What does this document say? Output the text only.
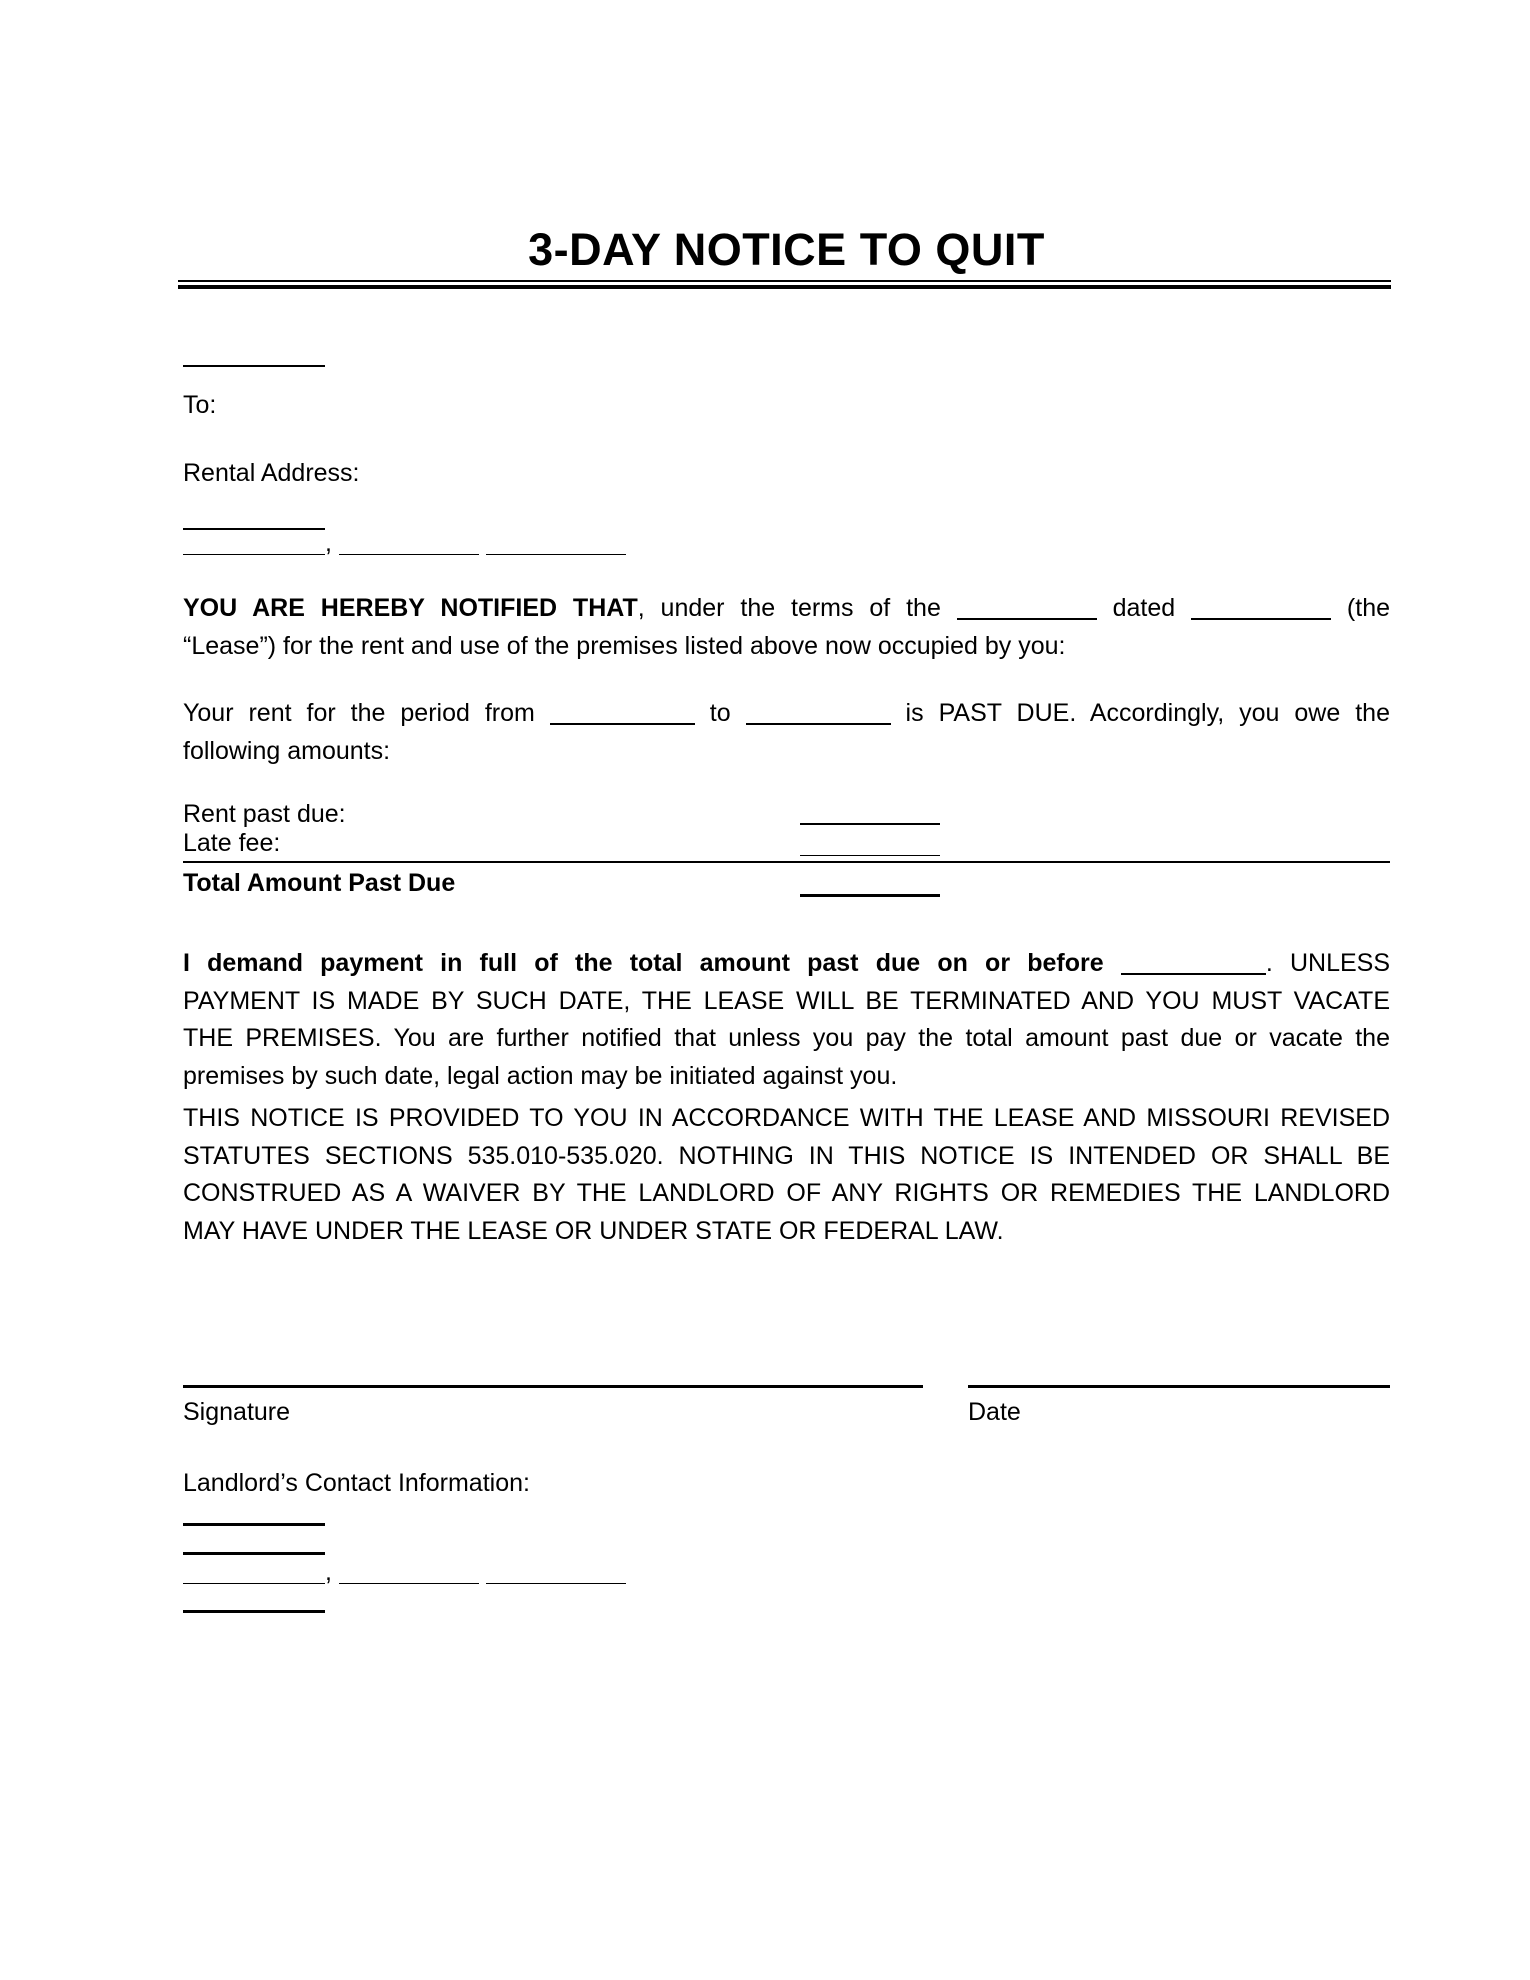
3-DAY NOTICE TO QUIT
To:
Rental Address:
,
YOU ARE HEREBY NOTIFIED THAT, under the terms of the	dated	(the
“Lease”) for the rent and use of the premises listed above now occupied by you:
Your rent for the period from	to	is PAST DUE. Accordingly, you owe the
following amounts:
Rent past due:
Late fee:
Total Amount Past Due
I demand payment in full of the total amount past due on or before	. UNLESS
PAYMENT IS MADE BY SUCH DATE, THE LEASE WILL BE TERMINATED AND YOU MUST VACATE
THE PREMISES. You are further notified that unless you pay the total amount past due or vacate the
premises by such date, legal action may be initiated against you.
THIS NOTICE IS PROVIDED TO YOU IN ACCORDANCE WITH THE LEASE AND MISSOURI REVISED
STATUTES SECTIONS 535.010-535.020. NOTHING IN THIS NOTICE IS INTENDED OR SHALL BE
CONSTRUED AS A WAIVER BY THE LANDLORD OF ANY RIGHTS OR REMEDIES THE LANDLORD
MAY HAVE UNDER THE LEASE OR UNDER STATE OR FEDERAL LAW.
Signature	Date
Landlord’s Contact Information:
,
